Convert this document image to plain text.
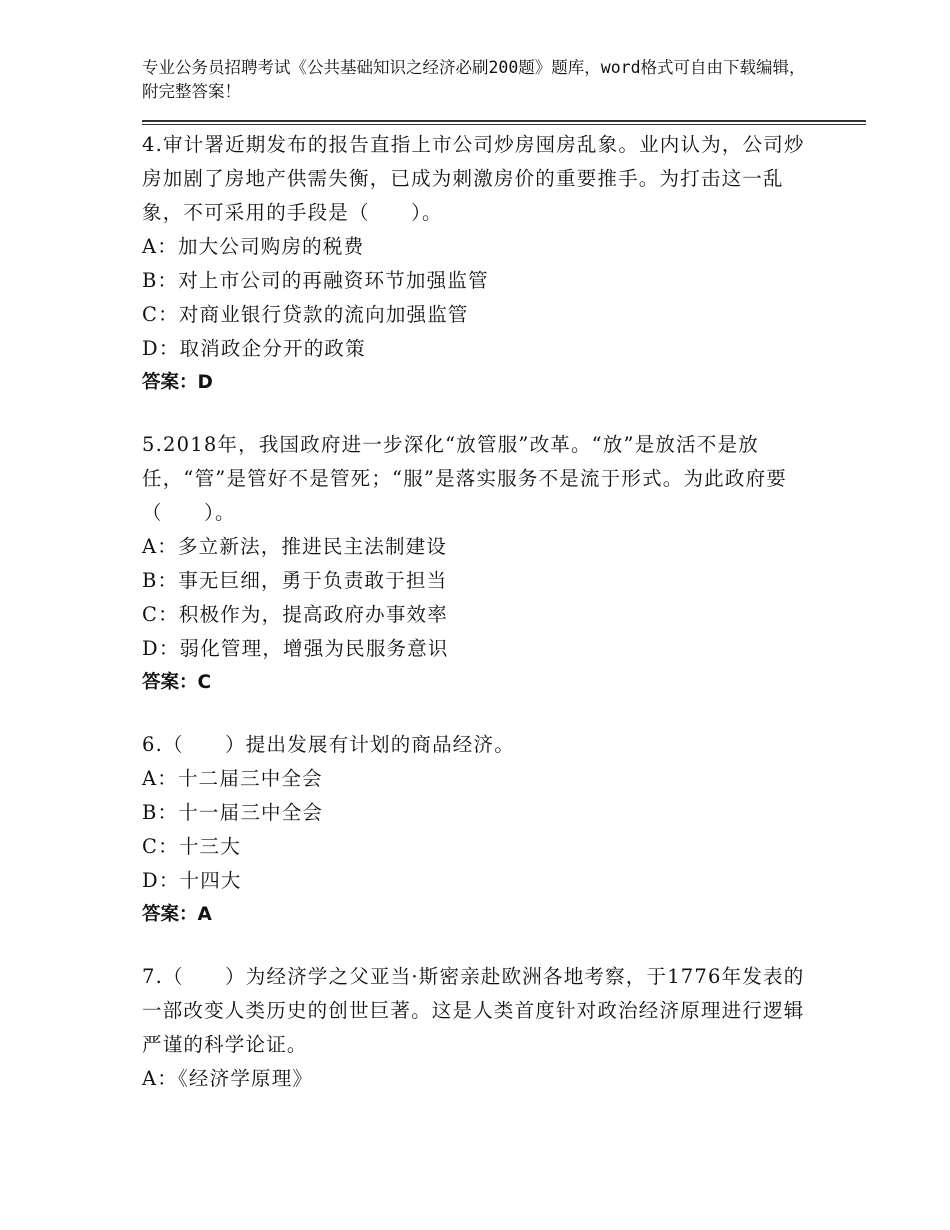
专业公务员招聘考试《公共基础知识之经济必刷200题》题库，word格式可自由下载编辑，附完整答案！

4.审计署近期发布的报告直指上市公司炒房囤房乱象。业内认为，公司炒房加剧了房地产供需失衡，已成为刺激房价的重要推手。为打击这一乱象，不可采用的手段是（　　）。

A：加大公司购房的税费

B：对上市公司的再融资环节加强监管

C：对商业银行贷款的流向加强监管

D：取消政企分开的政策

答案：D

5.2018年，我国政府进一步深化“放管服”改革。“放”是放活不是放任，“管”是管好不是管死；“服”是落实服务不是流于形式。为此政府要（　　）。

A：多立新法，推进民主法制建设

B：事无巨细，勇于负责敢于担当

C：积极作为，提高政府办事效率

D：弱化管理，增强为民服务意识

答案：C

6.（　　）提出发展有计划的商品经济。

A：十二届三中全会

B：十一届三中全会

C：十三大

D：十四大

答案：A

7.（　　）为经济学之父亚当·斯密亲赴欧洲各地考察，于1776年发表的一部改变人类历史的创世巨著。这是人类首度针对政治经济原理进行逻辑严谨的科学论证。

A：《经济学原理》
